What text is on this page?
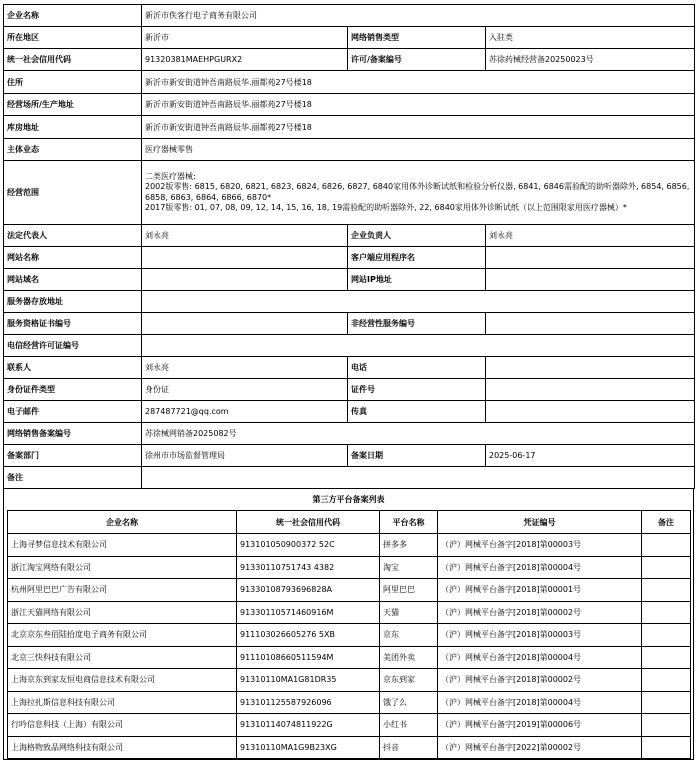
企业名称	新沂市佚客行电子商务有限公司		
所在地区	新沂市	网络销售类型	入驻类
统一社会信用代码	91320381MAEHPGURX2	许可/备案编号	苏徐药械经营备20250023号
住所	新沂市新安街道钟吾南路辰华.丽都苑27号楼18		
经营场所/生产地址	新沂市新安街道钟吾南路辰华.丽都苑27号楼18		
库房地址	新沂市新安街道钟吾南路辰华.丽都苑27号楼18		
主体业态	医疗器械零售		
经营范围	二类医疗器械:
2002版零售: 6815, 6820, 6821, 6823, 6824, 6826, 6827, 6840家用体外诊断试纸和检验分析仪器, 6841, 6846需验配的助听器除外, 6854, 6856, 6858, 6863, 6864, 6866, 6870*
2017版零售: 01, 07, 08, 09, 12, 14, 15, 16, 18, 19需验配的助听器除外, 22, 6840家用体外诊断试纸（以上范围限家用医疗器械）*		
法定代表人	刘永亮	企业负责人	刘永亮
网站名称		客户端应用程序名	
网站域名		网站IP地址	
服务器存放地址			
服务资格证书编号		非经营性服务编号	
电信经营许可证编号			
联系人	刘永亮	电话	
身份证件类型	身份证	证件号	
电子邮件	287487721@qq.com	传真	
网络销售备案编号	苏徐械网销备2025082号		
备案部门	徐州市市场监督管理局	备案日期	2025-06-17
备注			
第三方平台备案列表
企业名称	统一社会信用代码	平台名称	凭证编号	备注
上海寻梦信息技术有限公司	913101050900372 52C	拼多多	（沪）网械平台备字[2018]第00003号	
浙江淘宝网络有限公司	91330110751743 4382	淘宝	（沪）网械平台备字[2018]第00004号	
杭州阿里巴巴广告有限公司	91330108793696828A	阿里巴巴	（沪）网械平台备字[2018]第00001号	
浙江天猫网络有限公司	91330110571460916M	天猫	（沪）网械平台备字[2018]第00002号	
北京京东叁佰陆拾度电子商务有限公司	911103026605276 5XB	京东	（沪）网械平台备字[2018]第00003号	
北京三快科技有限公司	91110108660511594M	美团外卖	（沪）网械平台备字[2018]第00004号	
上海京东到家友恒电商信息技术有限公司	91310110MA1G81DR35	京东到家	（沪）网械平台备字[2018]第00002号	
上海拉扎斯信息科技有限公司	913101125587926096	饿了么	（沪）网械平台备字[2018]第00004号	
行吟信息科技（上海）有限公司	91310114074811922G	小红书	（沪）网械平台备字[2019]第00006号	
上海格物致品网络科技有限公司	91310110MA1G9B23XG	抖音	（沪）网械平台备字[2022]第00002号	
